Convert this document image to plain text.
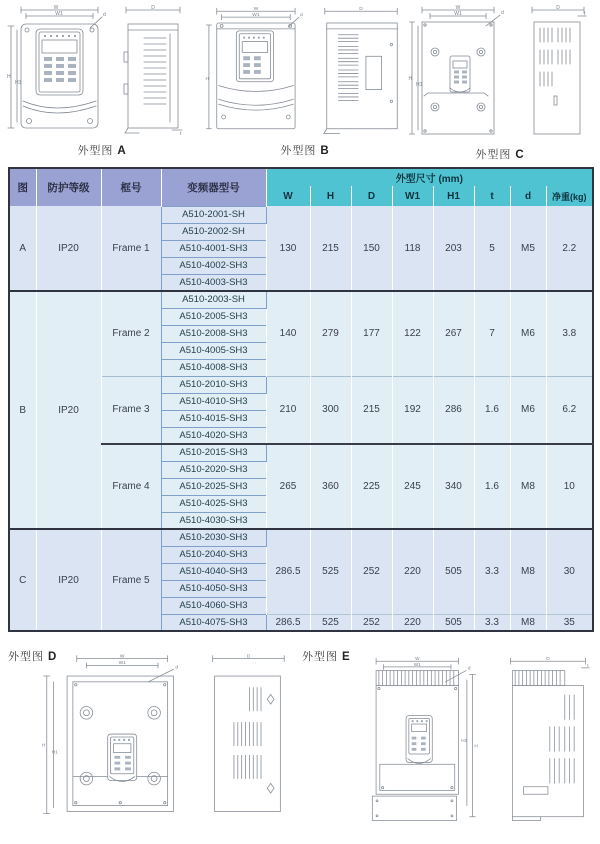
W
W1	d
H
H1
D
t
外型图 A
W
W1	d
H
D
外型图 B
W
W1	d
H
H1
D
t
外型图 C
图	防护等级	框号	变频器型号	外型尺寸 (mm)							
				W	H	D	W1	H1	t	d	净重(kg)
A	IP20	Frame 1	A510-2001-SH	130	215	150	118	203	5	M5	2.2
			A510-2002-SH								
			A510-4001-SH3								
			A510-4002-SH3								
			A510-4003-SH3								
B	IP20	Frame 2	A510-2003-SH	140	279	177	122	267	7	M6	3.8
			A510-2005-SH3								
			A510-2008-SH3								
			A510-4005-SH3								
			A510-4008-SH3								
		Frame 3	A510-2010-SH3	210	300	215	192	286	1.6	M6	6.2
			A510-4010-SH3								
			A510-4015-SH3								
			A510-4020-SH3								
		Frame 4	A510-2015-SH3	265	360	225	245	340	1.6	M8	10
			A510-2020-SH3								
			A510-2025-SH3								
			A510-4025-SH3								
			A510-4030-SH3								
C	IP20	Frame 5	A510-2030-SH3	286.5	525	252	220	505	3.3	M8	30
			A510-2040-SH3								
			A510-4040-SH3								
			A510-4050-SH3								
			A510-4060-SH3								
			A510-4075-SH3	286.5	525	252	220	505	3.3	M8	35
外型图 D	W
W1
d
H
H1
D	外型图 E	W
W1
d
H
H1
D
t
